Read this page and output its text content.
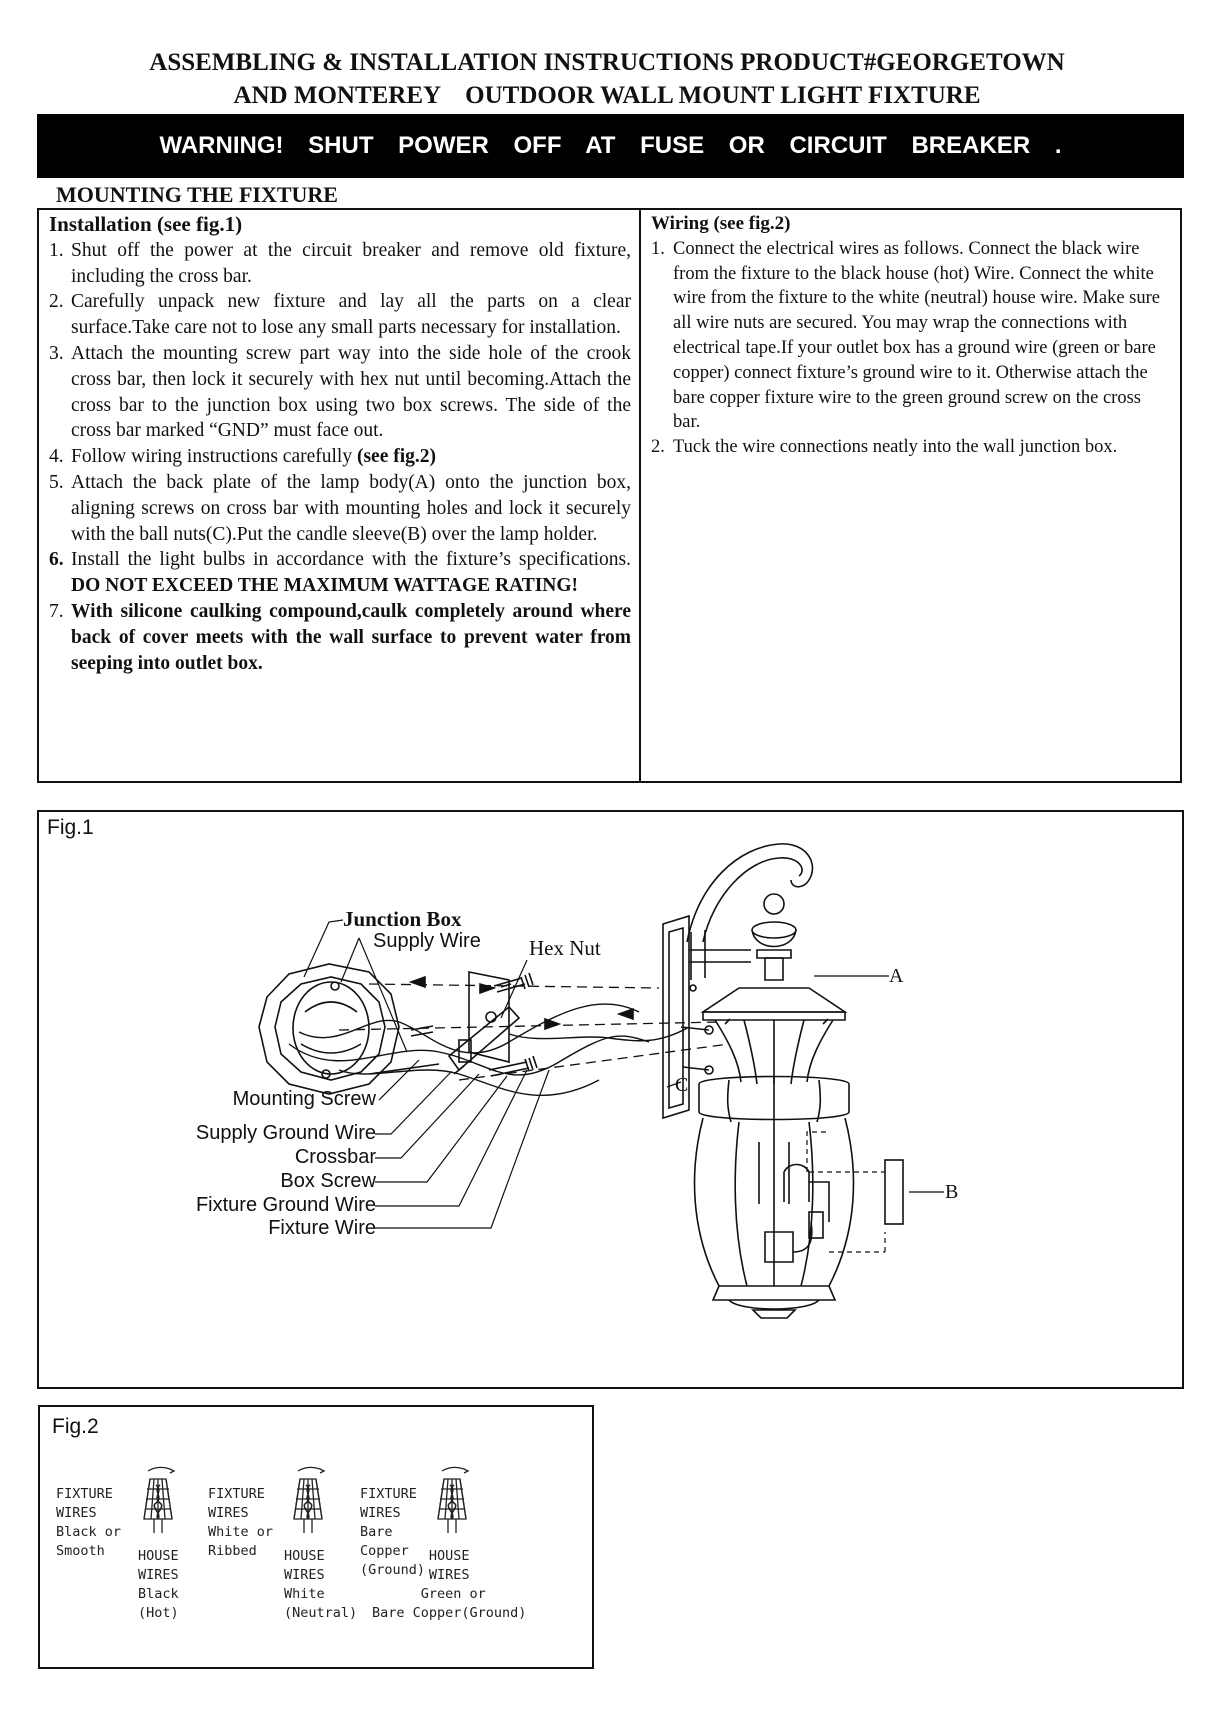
ASSEMBLING & INSTALLATION INSTRUCTIONS PRODUCT#GEORGETOWN
AND MONTEREY    OUTDOOR WALL MOUNT LIGHT FIXTURE
WARNING! SHUT POWER OFF AT FUSE OR CIRCUIT BREAKER .
MOUNTING THE FIXTURE
Installation (see fig.1)
1. Shut off the power at the circuit breaker and remove old fixture, including the cross bar.
2. Carefully unpack new fixture and lay all the parts on a clear surface.Take care not to lose any small parts necessary for installation.
3. Attach the mounting screw part way into the side hole of the crook cross bar, then lock it securely with hex nut until becoming.Attach the cross bar to the junction box using two box screws. The side of the cross bar marked “GND” must face out.
4. Follow wiring instructions carefully (see fig.2)
5. Attach the back plate of the lamp body(A) onto the junction box, aligning screws on cross bar with mounting holes and lock it securely with the ball nuts(C).Put the candle sleeve(B) over the lamp holder.
6. Install the light bulbs in accordance with the fixture’s specifications. DO NOT EXCEED THE MAXIMUM WATTAGE RATING!
7. With silicone caulking compound,caulk completely around where back of cover meets with the wall surface to prevent water from seeping into outlet box.
Wiring (see fig.2)
1. Connect the electrical wires as follows. Connect the black wire from the fixture to the black house (hot) Wire. Connect the white wire from the fixture to the white (neutral) house wire. Make sure all wire nuts are secured. You may wrap the connections with electrical tape.If your outlet box has a ground wire (green or bare copper) connect fixture’s ground wire to it. Otherwise attach the bare copper fixture wire to the green ground screw on the cross bar.
2. Tuck the wire connections neatly into the wall junction box.
Fig.1
Junction Box
Supply Wire Hex Nut
A
B
C
Mounting Screw
Supply Ground Wire
Crossbar
Box Screw
Fixture Ground Wire
Fixture Wire
Fig.2
FIXTURE
WIRES
Black or
Smooth	HOUSE
WIRES
Black
(Hot)
FIXTURE
WIRES
White or
Ribbed	HOUSE
WIRES
White
(Neutral)
FIXTURE
WIRES
Bare
Copper
(Ground)
HOUSE
WIRES
Green or
Bare Copper(Ground)
